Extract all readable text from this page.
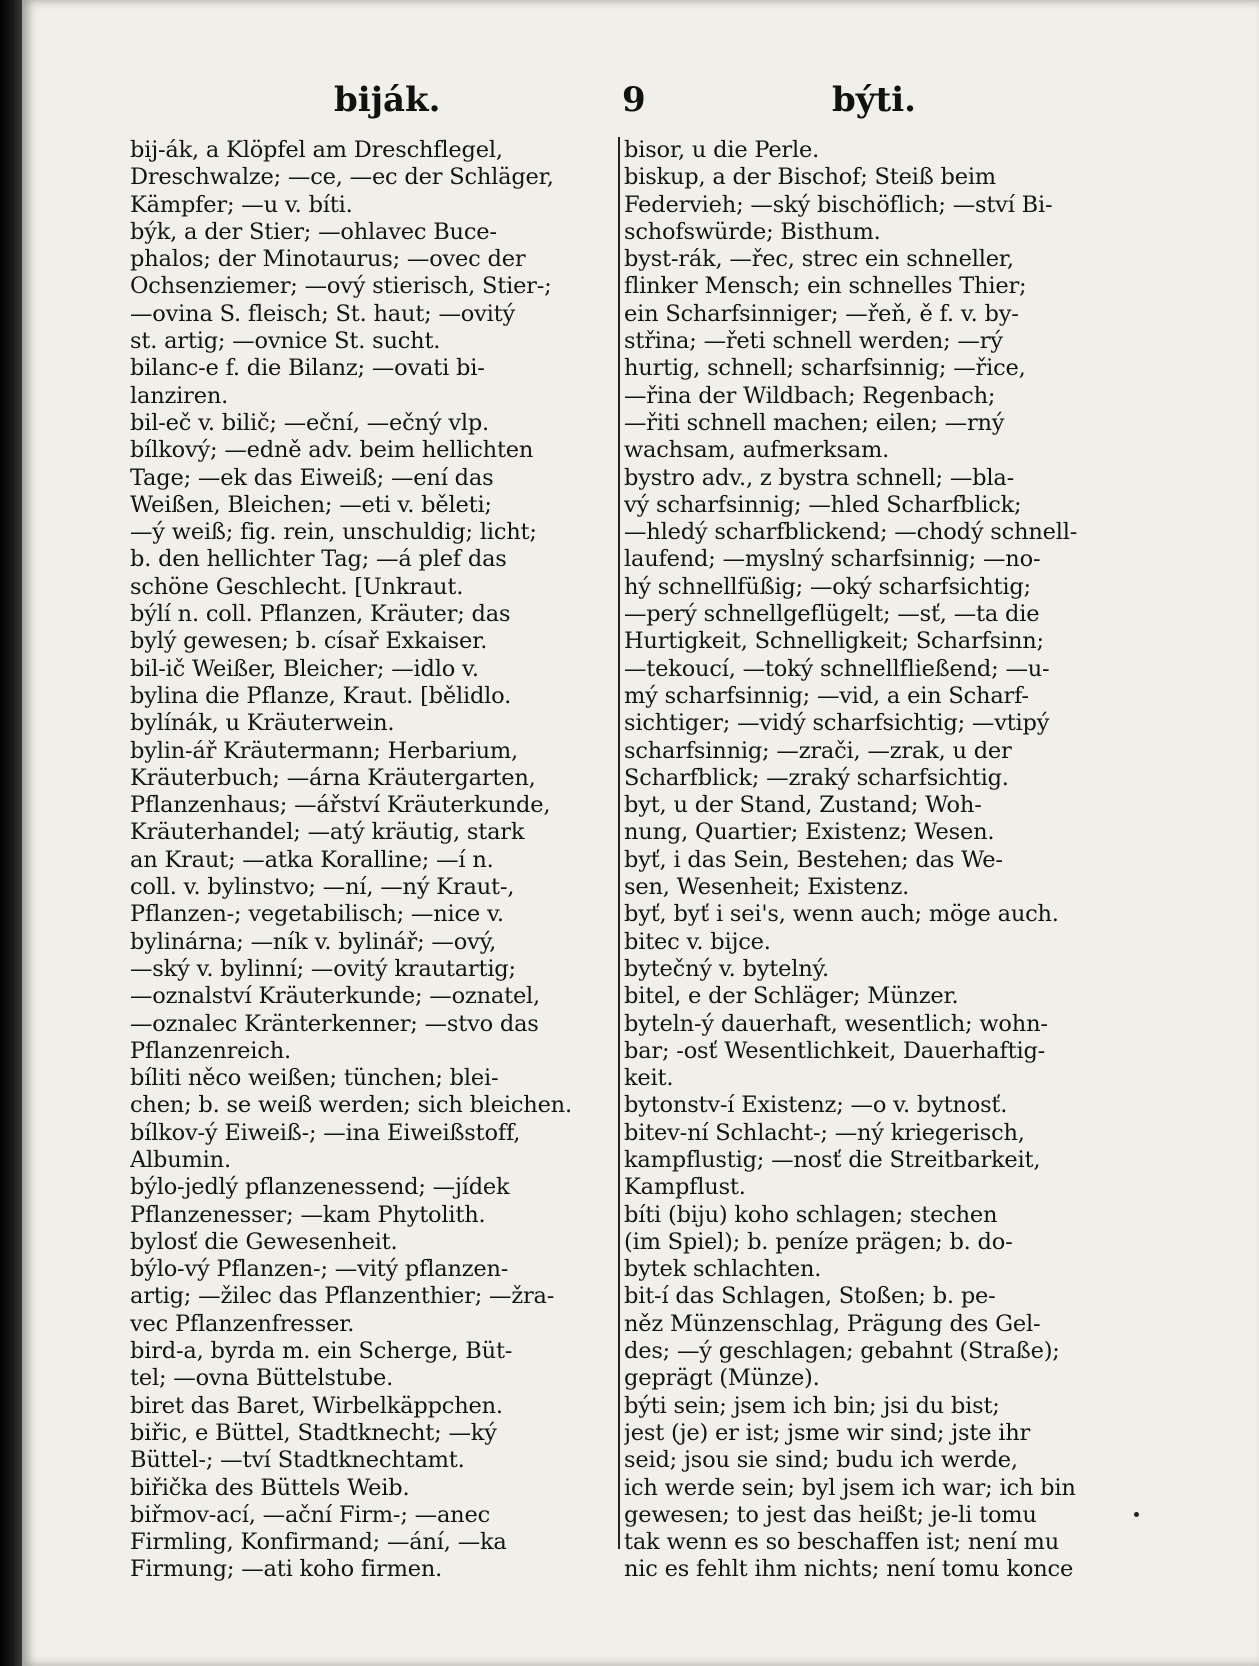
biják.	9	býti.
bij-ák, a Klöpfel am Dreschflegel,
Dreschwalze; —ce, —ec der Schläger,
Kämpfer; —u v. bíti.
býk, a der Stier; —ohlavec Buce-
phalos; der Minotaurus; —ovec der
Ochsenziemer; —ový stierisch, Stier-;
—ovina S. fleisch; St. haut; —ovitý
st. artig; —ovnice St. sucht.
bilanc-e f. die Bilanz; —ovati bi-
lanziren.
bil-eč v. bilič; —eční, —ečný vlp.
bílkový; —edně adv. beim hellichten
Tage; —ek das Eiweiß; —ení das
Weißen, Bleichen; —eti v. běleti;
—ý weiß; fig. rein, unschuldig; licht;
b. den hellichter Tag; —á plef das
schöne Geschlecht. [Unkraut.
býlí n. coll. Pflanzen, Kräuter; das
bylý gewesen; b. císař Exkaiser.
bil-ič Weißer, Bleicher; —idlo v.
bylina die Pflanze, Kraut. [bělidlo.
bylínák, u Kräuterwein.
bylin-ář Kräutermann; Herbarium,
Kräuterbuch; —árna Kräutergarten,
Pflanzenhaus; —ářství Kräuterkunde,
Kräuterhandel; —atý kräutig, stark
an Kraut; —atka Koralline; —í n.
coll. v. bylinstvo; —ní, —ný Kraut-,
Pflanzen-; vegetabilisch; —nice v.
bylinárna; —ník v. bylinář; —ový,
—ský v. bylinní; —ovitý krautartig;
—oznalství Kräuterkunde; —oznatel,
—oznalec Kränterkenner; —stvo das
Pflanzenreich.
bíliti něco weißen; tünchen; blei-
chen; b. se weiß werden; sich bleichen.
bílkov-ý Eiweiß-; —ina Eiweißstoff,
Albumin.
býlo-jedlý pflanzenessend; —jídek
Pflanzenesser; —kam Phytolith.
bylosť die Gewesenheit.
býlo-vý Pflanzen-; —vitý pflanzen-
artig; —žilec das Pflanzenthier; —žra-
vec Pflanzenfresser.
bird-a, byrda m. ein Scherge, Büt-
tel; —ovna Büttelstube.
biret das Baret, Wirbelkäppchen.
biřic, e Büttel, Stadtknecht; —ký
Büttel-; —tví Stadtknechtamt.
biřička des Büttels Weib.
biřmov-ací, —ační Firm-; —anec
Firmling, Konfirmand; —ání, —ka
Firmung; —ati koho firmen.
bisor, u die Perle.
biskup, a der Bischof; Steiß beim
Federvieh; —ský bischöflich; —ství Bi-
schofswürde; Bisthum.
byst-rák, —řec, strec ein schneller,
flinker Mensch; ein schnelles Thier;
ein Scharfsinniger; —řeň, ě f. v. by-
střina; —řeti schnell werden; —rý
hurtig, schnell; scharfsinnig; —řice,
—řina der Wildbach; Regenbach;
—řiti schnell machen; eilen; —rný
wachsam, aufmerksam.
bystro adv., z bystra schnell; —bla-
vý scharfsinnig; —hled Scharfblick;
—hledý scharfblickend; —chodý schnell-
laufend; —myslný scharfsinnig; —no-
hý schnellfüßig; —oký scharfsichtig;
—perý schnellgeflügelt; —sť, —ta die
Hurtigkeit, Schnelligkeit; Scharfsinn;
—tekoucí, —toký schnellfließend; —u-
mý scharfsinnig; —vid, a ein Scharf-
sichtiger; —vidý scharfsichtig; —vtipý
scharfsinnig; —zrači, —zrak, u der
Scharfblick; —zraký scharfsichtig.
byt, u der Stand, Zustand; Woh-
nung, Quartier; Existenz; Wesen.
byť, i das Sein, Bestehen; das We-
sen, Wesenheit; Existenz.
byť, byť i sei's, wenn auch; möge auch.
bitec v. bijce.
bytečný v. bytelný.
bitel, e der Schläger; Münzer.
byteln-ý dauerhaft, wesentlich; wohn-
bar; -osť Wesentlichkeit, Dauerhaftig-
keit.
bytonstv-í Existenz; —o v. bytnosť.
bitev-ní Schlacht-; —ný kriegerisch,
kampflustig; —nosť die Streitbarkeit,
Kampflust.
bíti (biju) koho schlagen; stechen
(im Spiel); b. peníze prägen; b. do-
bytek schlachten.
bit-í das Schlagen, Stoßen; b. pe-
něz Münzenschlag, Prägung des Gel-
des; —ý geschlagen; gebahnt (Straße);
geprägt (Münze).
býti sein; jsem ich bin; jsi du bist;
jest (je) er ist; jsme wir sind; jste ihr
seid; jsou sie sind; budu ich werde,
ich werde sein; byl jsem ich war; ich bin
gewesen; to jest das heißt; je-li tomu
tak wenn es so beschaffen ist; není mu
nic es fehlt ihm nichts; není tomu konce
